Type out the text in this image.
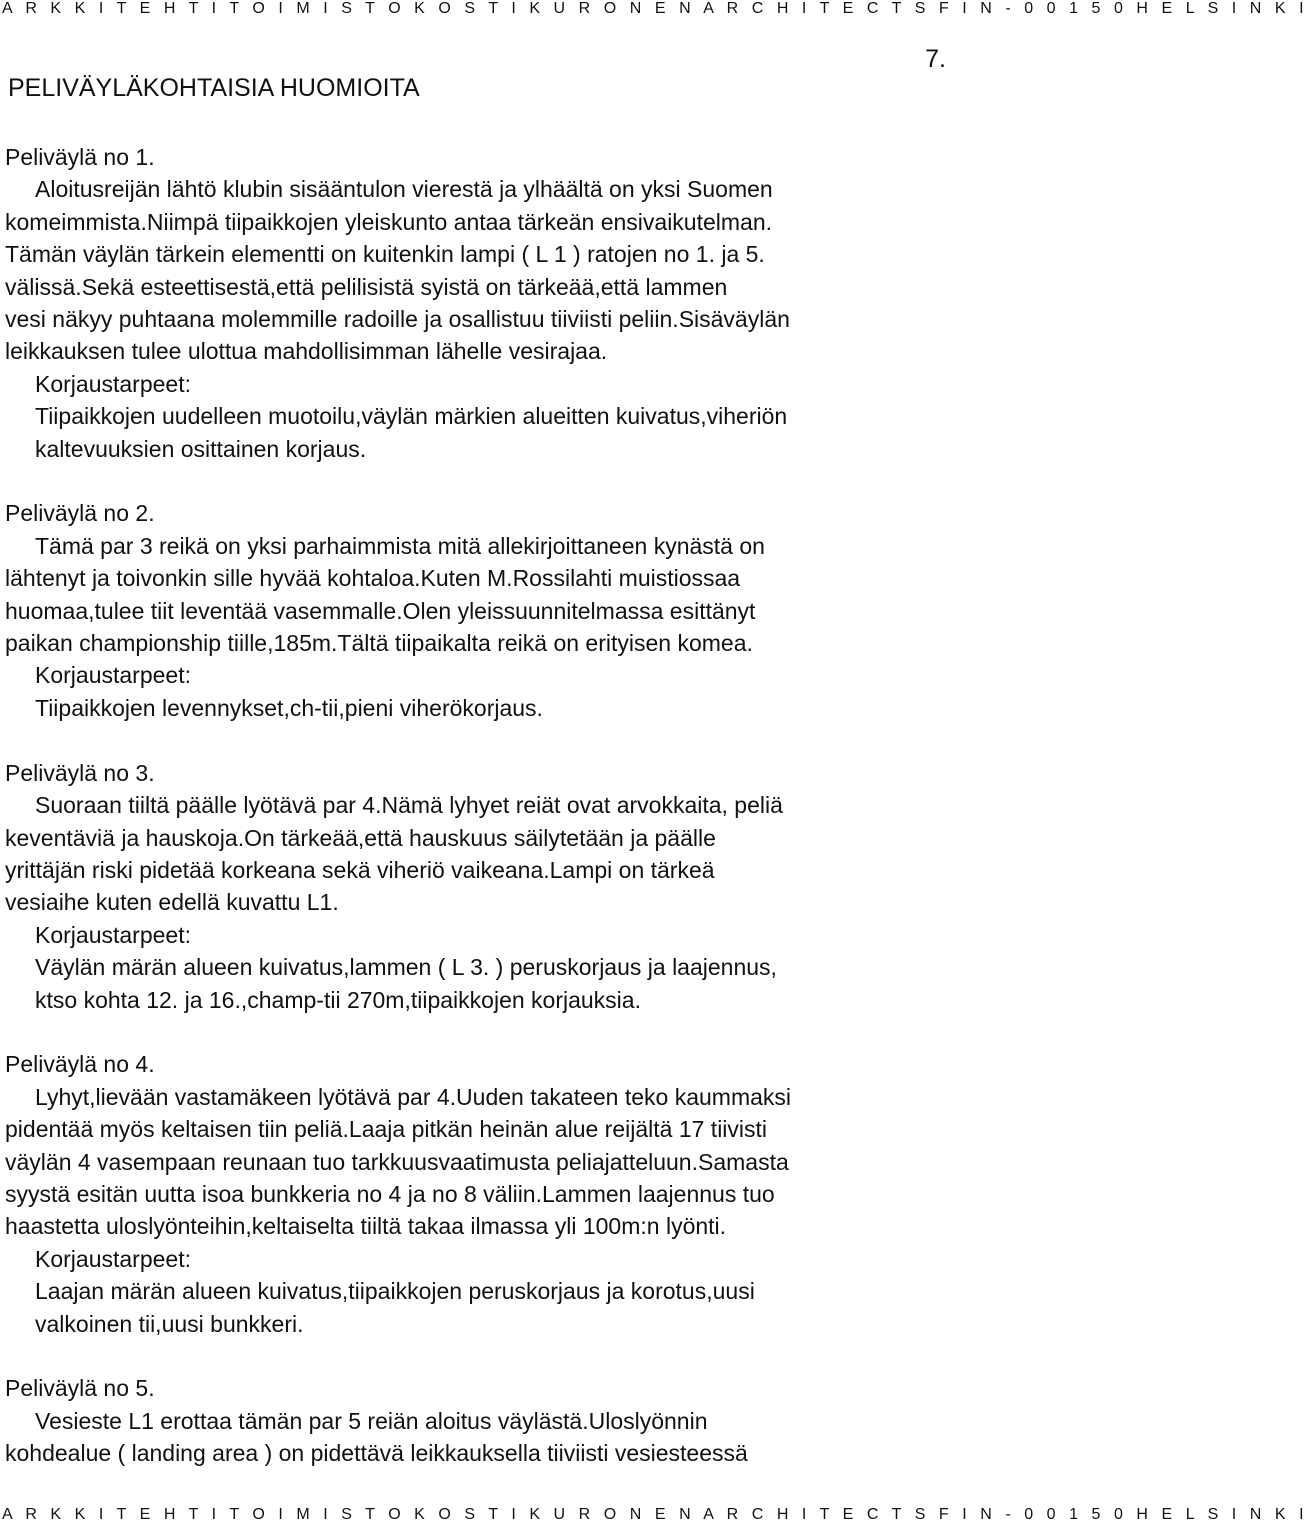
A R K K I T E H T I T O I M I S T O K O S T I K U R O N E N A R C H I T E C T S F I N - 0 0 1 5 0 H E L S I N K I
7.
PELIVÄYLÄKOHTAISIA HUOMIOITA
Peliväylä no 1.
Aloitusreijän lähtö klubin sisääntulon vierestä ja ylhäältä on yksi Suomen
komeimmista.Niimpä tiipaikkojen yleiskunto antaa tärkeän ensivaikutelman.
Tämän väylän tärkein elementti on kuitenkin lampi ( L 1 ) ratojen no 1. ja 5.
välissä.Sekä esteettisestä,että pelilisistä syistä on tärkeää,että lammen
vesi näkyy puhtaana molemmille radoille ja osallistuu tiiviisti peliin.Sisäväylän
leikkauksen tulee ulottua mahdollisimman lähelle vesirajaa.
Korjaustarpeet:
Tiipaikkojen uudelleen muotoilu,väylän märkien alueitten kuivatus,viheriön
kaltevuuksien osittainen korjaus.
Peliväylä no 2.
Tämä par 3 reikä on yksi parhaimmista mitä allekirjoittaneen kynästä on
lähtenyt ja toivonkin sille hyvää kohtaloa.Kuten M.Rossilahti muistiossaa
huomaa,tulee tiit leventää vasemmalle.Olen yleissuunnitelmassa esittänyt
paikan championship tiille,185m.Tältä tiipaikalta reikä on erityisen komea.
Korjaustarpeet:
Tiipaikkojen levennykset,ch-tii,pieni viherökorjaus.
Peliväylä no 3.
Suoraan tiiltä päälle lyötävä par 4.Nämä lyhyet reiät ovat arvokkaita, peliä
keventäviä ja hauskoja.On tärkeää,että hauskuus säilytetään ja päälle
yrittäjän riski pidetää korkeana sekä viheriö vaikeana.Lampi on tärkeä
vesiaihe kuten edellä kuvattu L1.
Korjaustarpeet:
Väylän märän alueen kuivatus,lammen ( L 3. ) peruskorjaus ja laajennus,
ktso kohta 12. ja 16.,champ-tii 270m,tiipaikkojen korjauksia.
Peliväylä no 4.
Lyhyt,lievään vastamäkeen lyötävä par 4.Uuden takateen teko kaummaksi
pidentää myös keltaisen tiin peliä.Laaja pitkän heinän alue reijältä 17 tiivisti
väylän 4 vasempaan reunaan tuo tarkkuusvaatimusta peliajatteluun.Samasta
syystä esitän uutta isoa bunkkeria no 4 ja no 8 väliin.Lammen laajennus tuo
haastetta uloslyönteihin,keltaiselta tiiltä takaa ilmassa yli 100m:n lyönti.
Korjaustarpeet:
Laajan märän alueen kuivatus,tiipaikkojen peruskorjaus ja korotus,uusi
valkoinen tii,uusi bunkkeri.
Peliväylä no 5.
Vesieste L1 erottaa tämän par 5 reiän aloitus väylästä.Uloslyönnin
kohdealue ( landing area ) on pidettävä leikkauksella tiiviisti vesiesteessä
A R K K I T E H T I T O I M I S T O K O S T I K U R O N E N A R C H I T E C T S F I N - 0 0 1 5 0 H E L S I N K I
